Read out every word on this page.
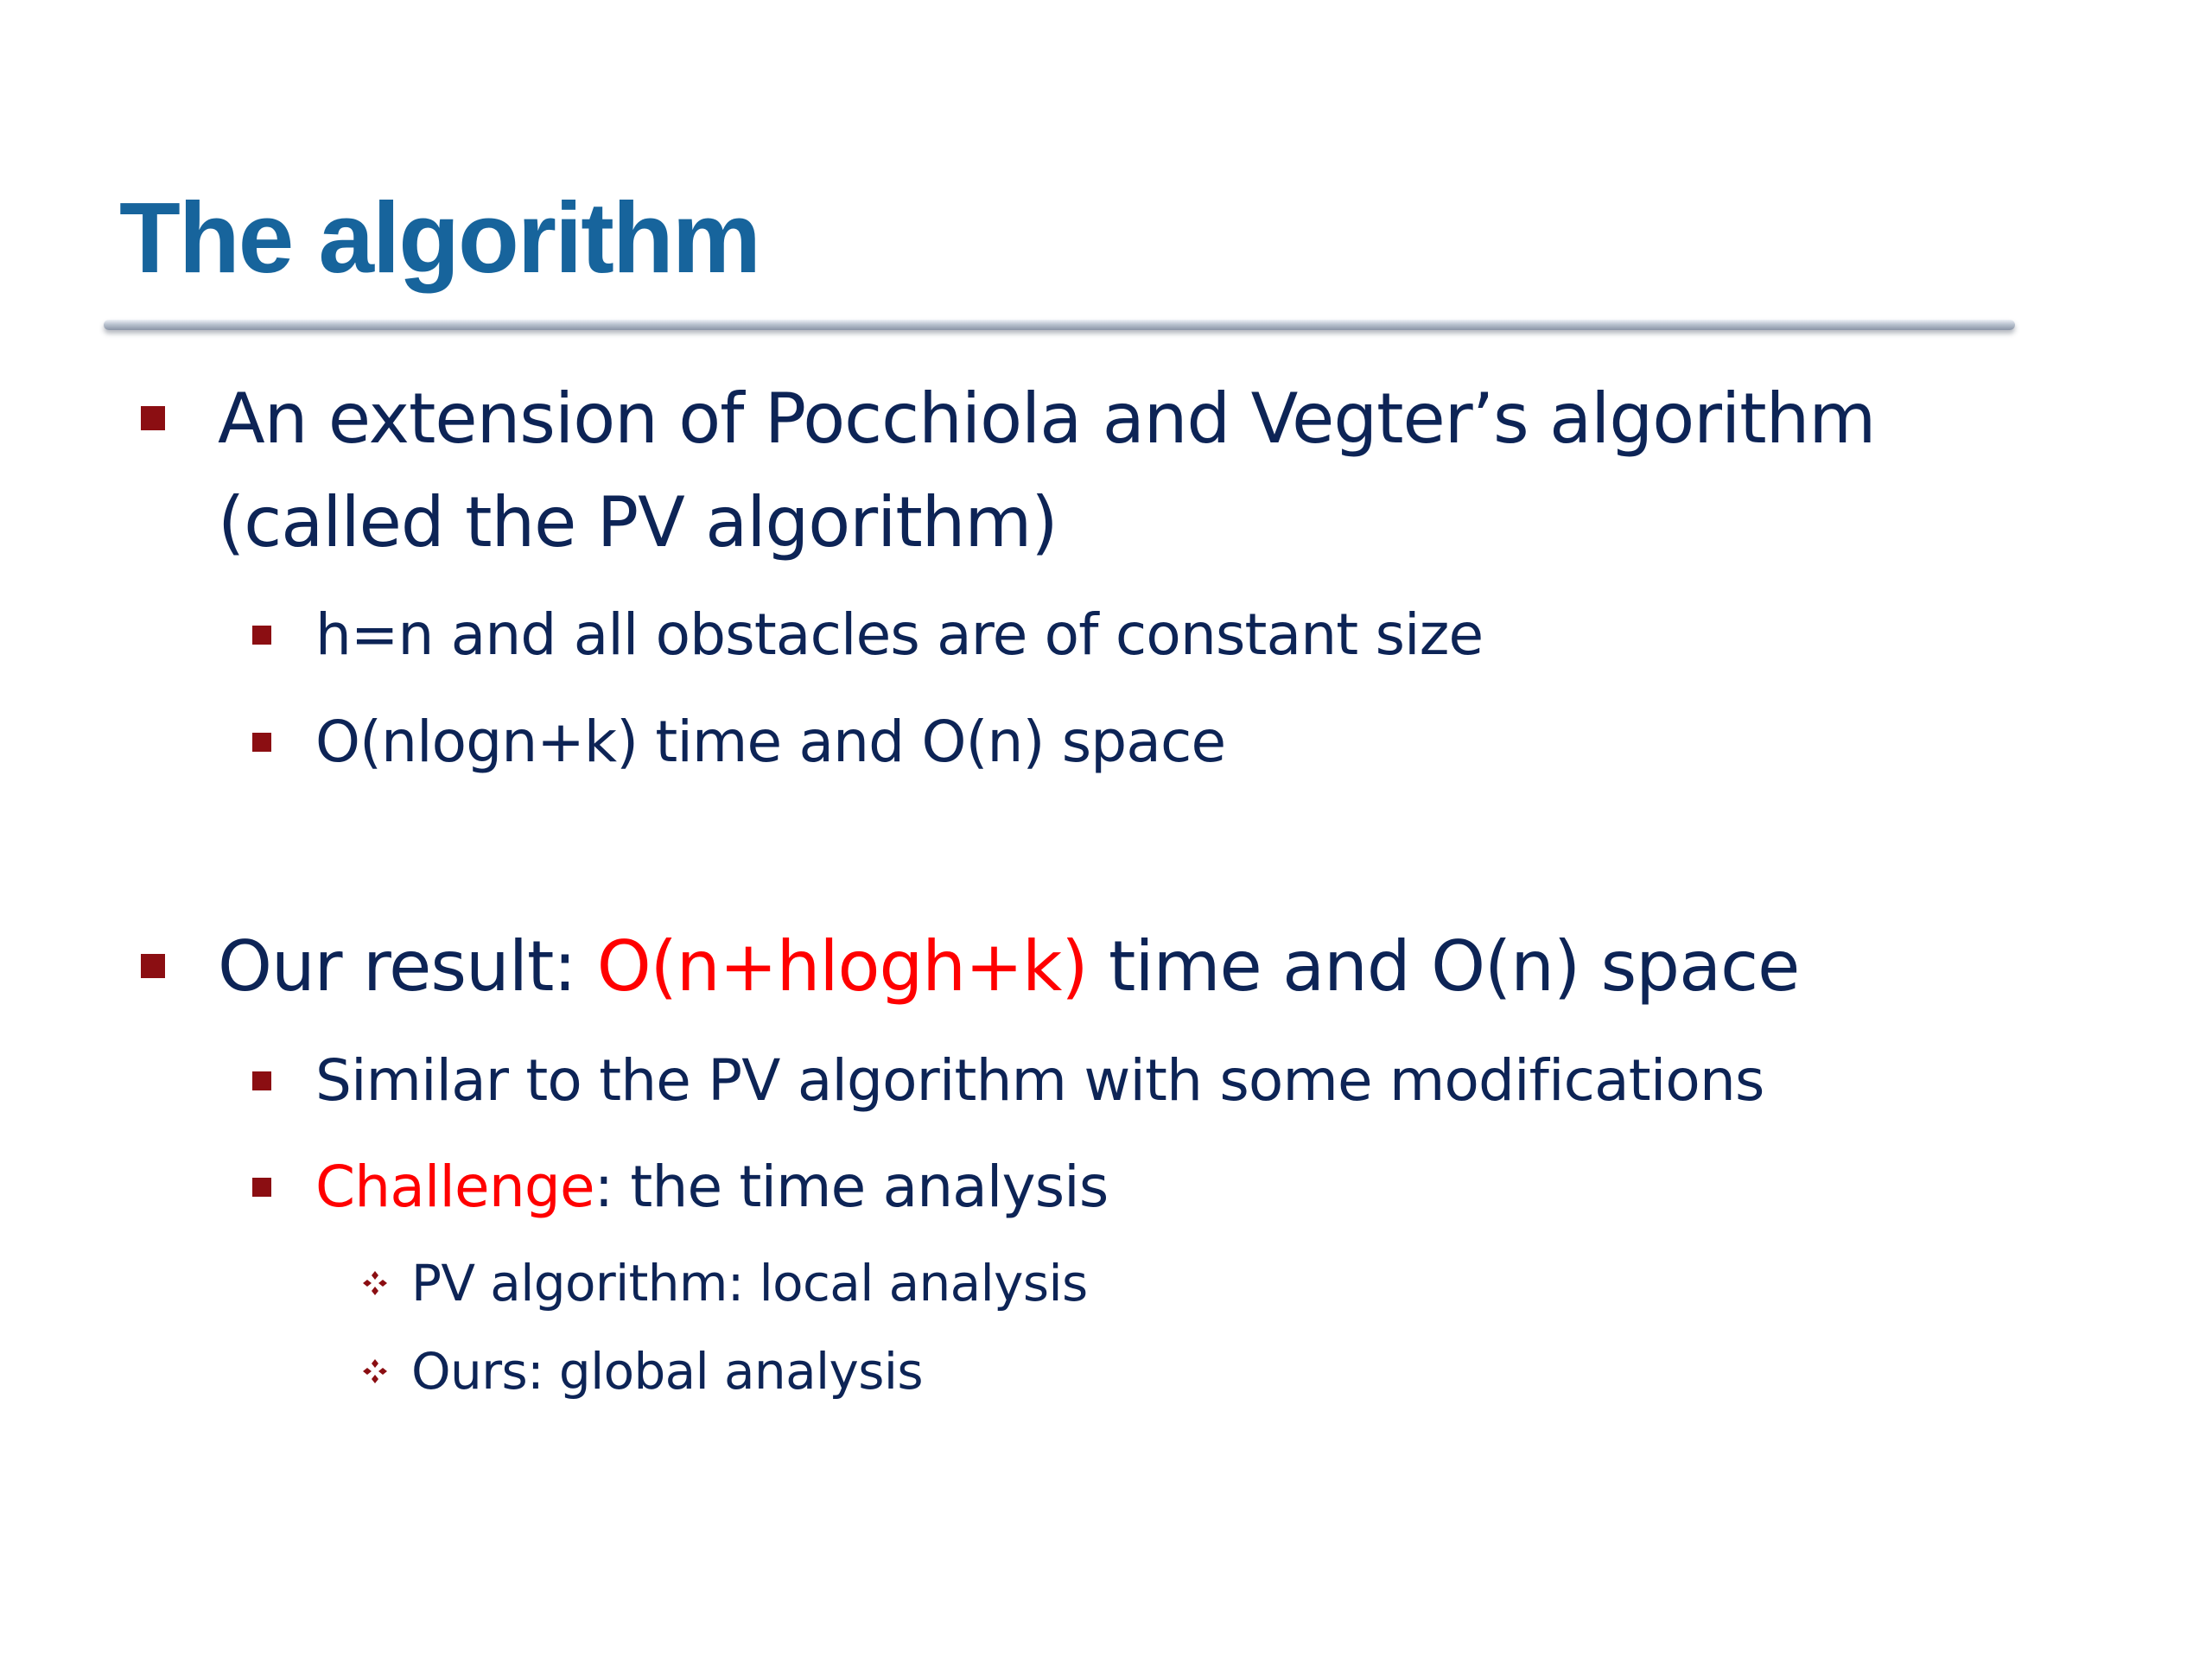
The algorithm

An extension of Pocchiola and Vegter’s algorithm

(called the PV algorithm)

h=n and all obstacles are of constant size

O(nlogn+k) time and O(n) space

Our result: O(n+hlogh+k) time and O(n) space

Similar to the PV algorithm with some modifications

Challenge: the time analysis

PV algorithm: local analysis

Ours: global analysis
